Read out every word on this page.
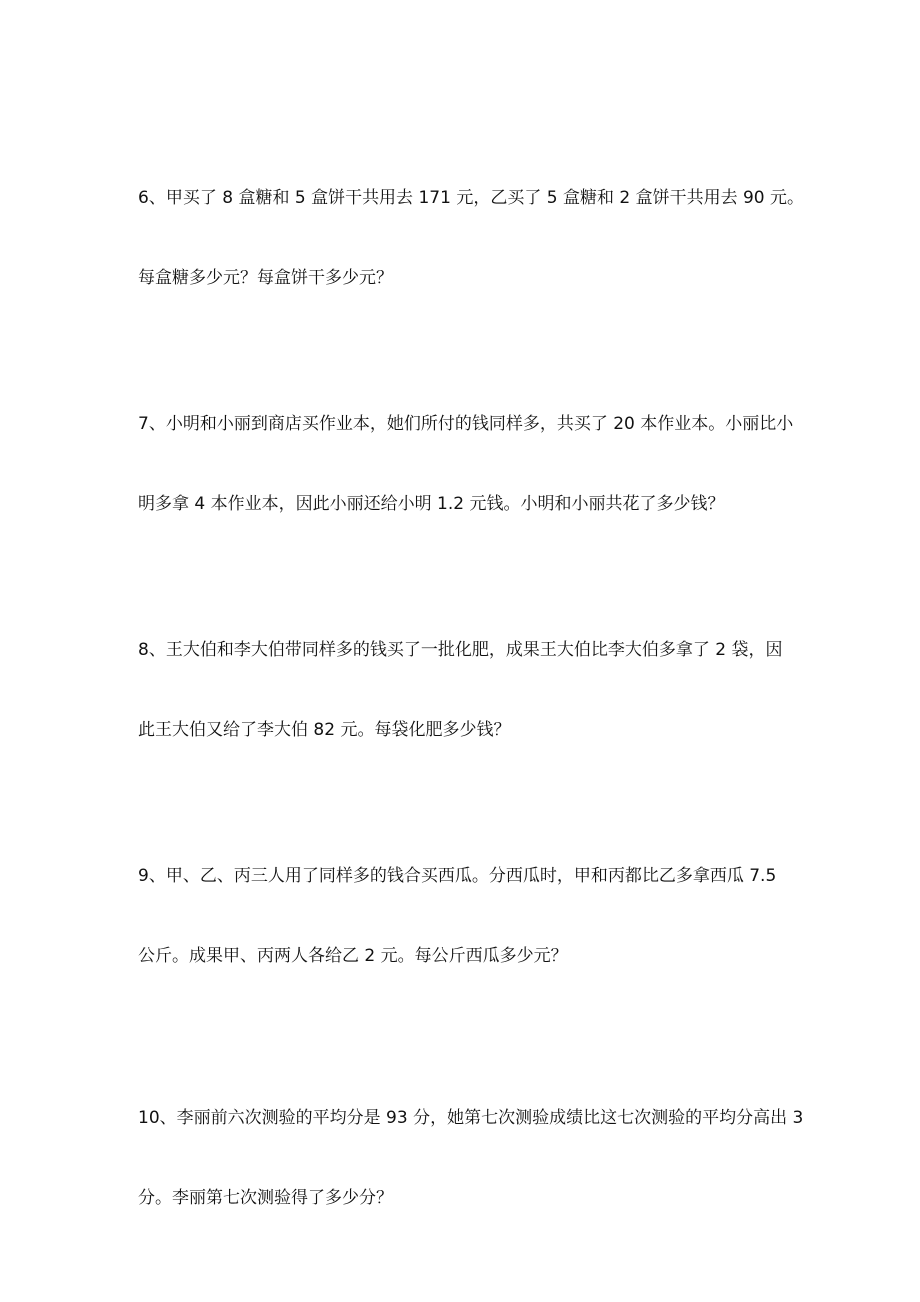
6、甲买了 8 盒糖和 5 盒饼干共用去 171 元，乙买了 5 盒糖和 2 盒饼干共用去 90 元。
每盒糖多少元？每盒饼干多少元？
7、小明和小丽到商店买作业本，她们所付的钱同样多，共买了 20 本作业本。小丽比小
明多拿 4 本作业本，因此小丽还给小明 1.2 元钱。小明和小丽共花了多少钱？
8、王大伯和李大伯带同样多的钱买了一批化肥，成果王大伯比李大伯多拿了 2 袋，因
此王大伯又给了李大伯 82 元。每袋化肥多少钱？
9、甲、乙、丙三人用了同样多的钱合买西瓜。分西瓜时，甲和丙都比乙多拿西瓜 7.5
公斤。成果甲、丙两人各给乙 2 元。每公斤西瓜多少元？
10、李丽前六次测验的平均分是 93 分，她第七次测验成绩比这七次测验的平均分高出 3
分。李丽第七次测验得了多少分？
